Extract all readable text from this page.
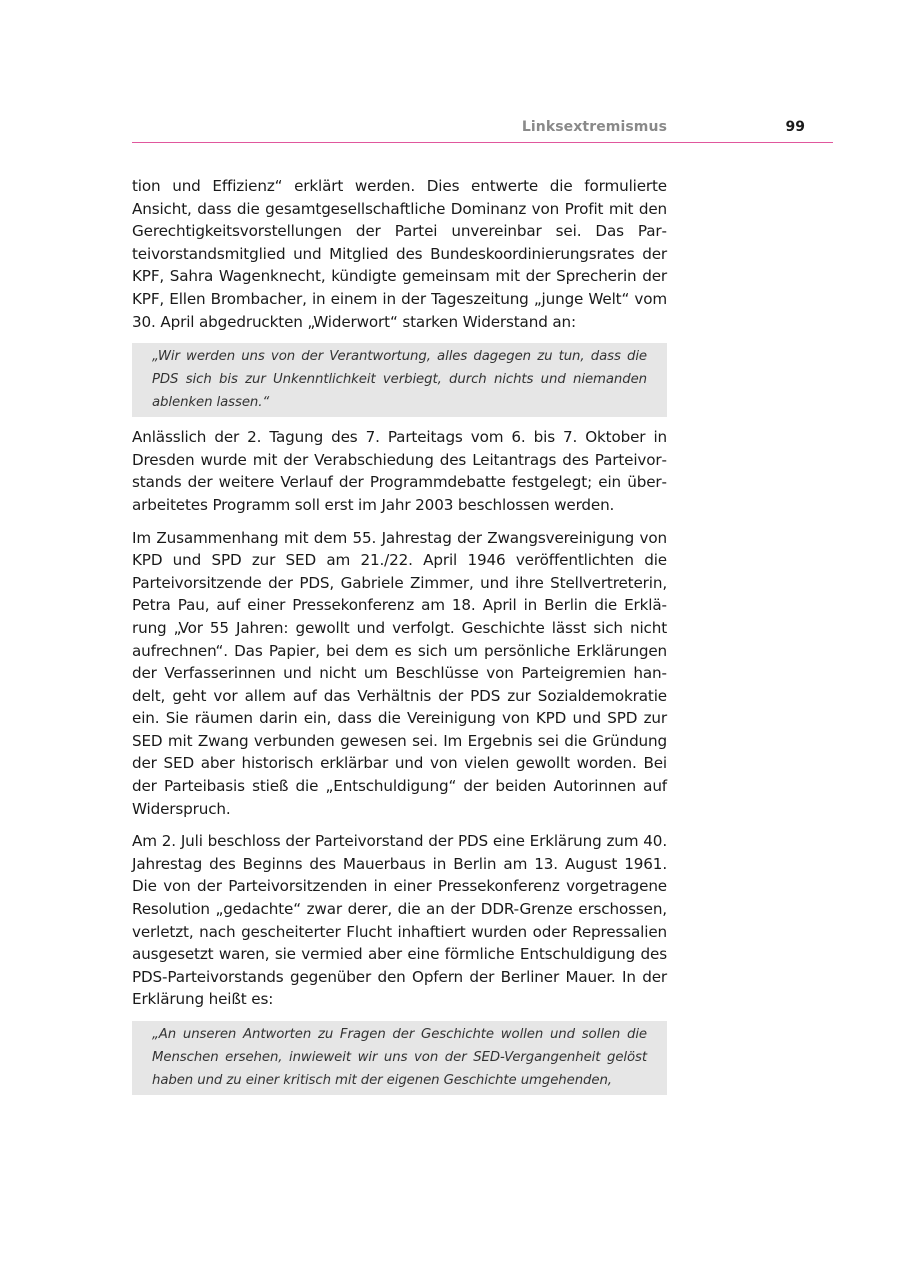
Linksextremismus	99

tion und Effizienz“ erklärt werden. Dies entwerte die formulierte Ansicht, dass die gesamtgesellschaftliche Dominanz von Profit mit den Gerechtigkeitsvorstellungen der Partei unvereinbar sei. Das Parteivorstandsmitglied und Mitglied des Bundeskoordinierungsrates der KPF, Sahra Wagenknecht, kündigte gemeinsam mit der Sprecherin der KPF, Ellen Brombacher, in einem in der Tageszeitung „junge Welt“ vom 30. April abgedruckten „Widerwort“ starken Widerstand an:

„Wir werden uns von der Verantwortung, alles dagegen zu tun, dass die PDS sich bis zur Unkenntlichkeit verbiegt, durch nichts und niemanden ablenken lassen.“

Anlässlich der 2. Tagung des 7. Parteitags vom 6. bis 7. Oktober in Dresden wurde mit der Verabschiedung des Leitantrags des Parteivorstands der weitere Verlauf der Programmdebatte festgelegt; ein überarbeitetes Programm soll erst im Jahr 2003 beschlossen werden.

Im Zusammenhang mit dem 55. Jahrestag der Zwangsvereinigung von KPD und SPD zur SED am 21./22. April 1946 veröffentlichten die Parteivorsitzende der PDS, Gabriele Zimmer, und ihre Stellvertreterin, Petra Pau, auf einer Pressekonferenz am 18. April in Berlin die Erklärung „Vor 55 Jahren: gewollt und verfolgt. Geschichte lässt sich nicht aufrechnen“. Das Papier, bei dem es sich um persönliche Erklärungen der Verfasserinnen und nicht um Beschlüsse von Parteigremien handelt, geht vor allem auf das Verhältnis der PDS zur Sozialdemokratie ein. Sie räumen darin ein, dass die Vereinigung von KPD und SPD zur SED mit Zwang verbunden gewesen sei. Im Ergebnis sei die Gründung der SED aber historisch erklärbar und von vielen gewollt worden. Bei der Parteibasis stieß die „Entschuldigung“ der beiden Autorinnen auf Widerspruch.

Am 2. Juli beschloss der Parteivorstand der PDS eine Erklärung zum 40. Jahrestag des Beginns des Mauerbaus in Berlin am 13. August 1961. Die von der Parteivorsitzenden in einer Pressekonferenz vorgetragene Resolution „gedachte“ zwar derer, die an der DDR-Grenze erschossen, verletzt, nach gescheiterter Flucht inhaftiert wurden oder Repressalien ausgesetzt waren, sie vermied aber eine förmliche Entschuldigung des PDS-Parteivorstands gegenüber den Opfern der Berliner Mauer. In der Erklärung heißt es:

„An unseren Antworten zu Fragen der Geschichte wollen und sollen die Menschen ersehen, inwieweit wir uns von der SED-Vergangenheit gelöst haben und zu einer kritisch mit der eigenen Geschichte umgehenden,
